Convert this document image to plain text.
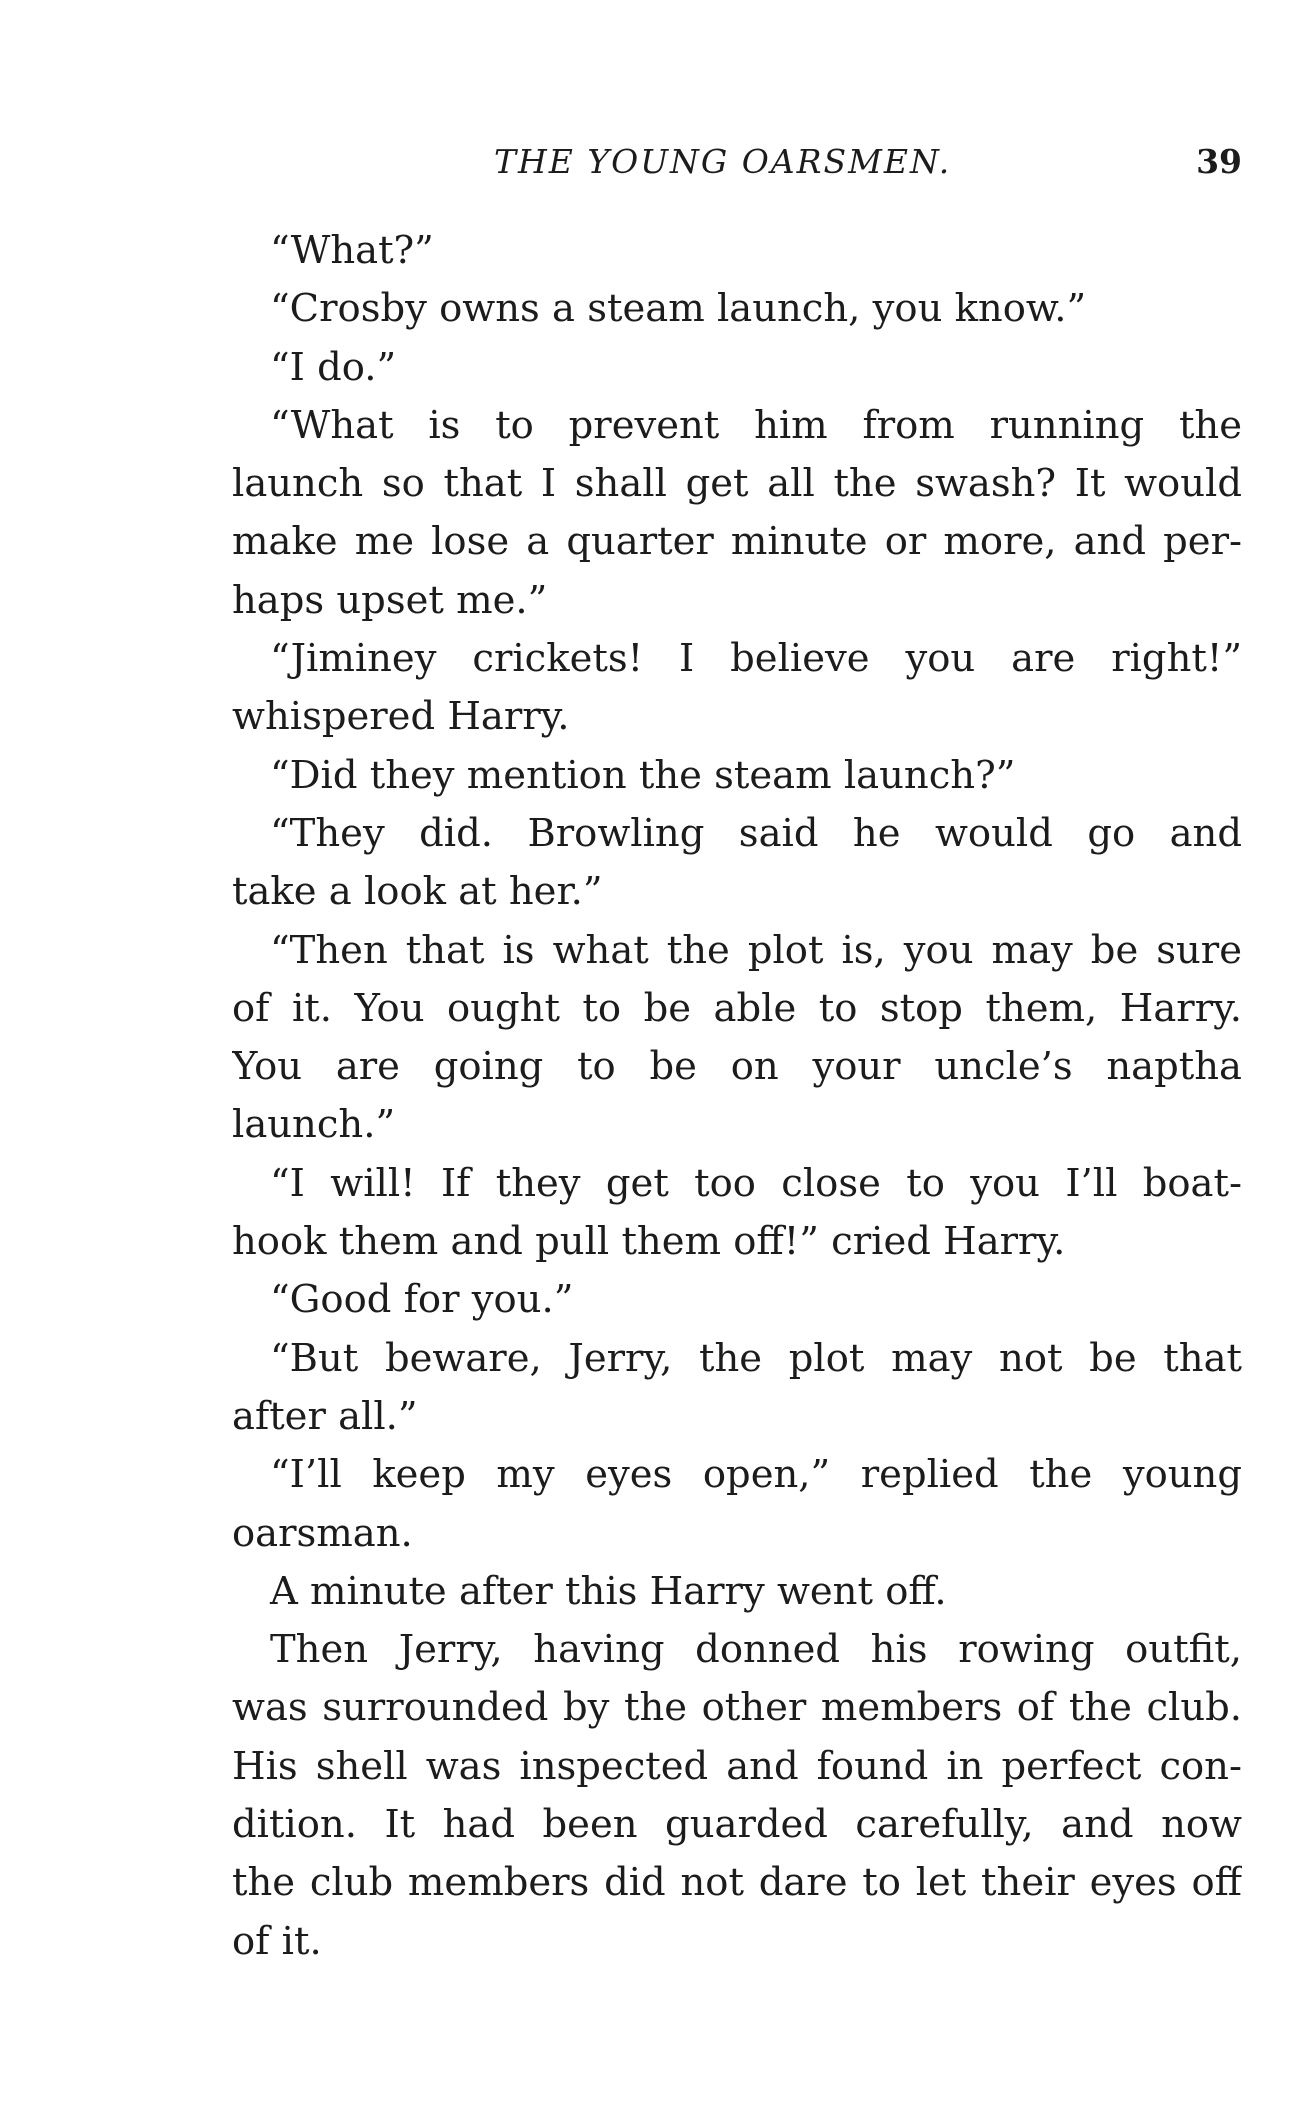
THE YOUNG OARSMEN.	39
“What?”
“Crosby owns a steam launch, you know.”
“I do.”
“What is to prevent him from running the
launch so that I shall get all the swash? It would
make me lose a quarter minute or more, and per-
haps upset me.”
“Jiminey crickets! I believe you are right!”
whispered Harry.
“Did they mention the steam launch?”
“They did. Browling said he would go and
take a look at her.”
“Then that is what the plot is, you may be sure
of it. You ought to be able to stop them, Harry.
You are going to be on your uncle’s naptha
launch.”
“I will! If they get too close to you I’ll boat-
hook them and pull them off!” cried Harry.
“Good for you.”
“But beware, Jerry, the plot may not be that
after all.”
“I’ll keep my eyes open,” replied the young
oarsman.
A minute after this Harry went off.
Then Jerry, having donned his rowing outfit,
was surrounded by the other members of the club.
His shell was inspected and found in perfect con-
dition. It had been guarded carefully, and now
the club members did not dare to let their eyes off
of it.
